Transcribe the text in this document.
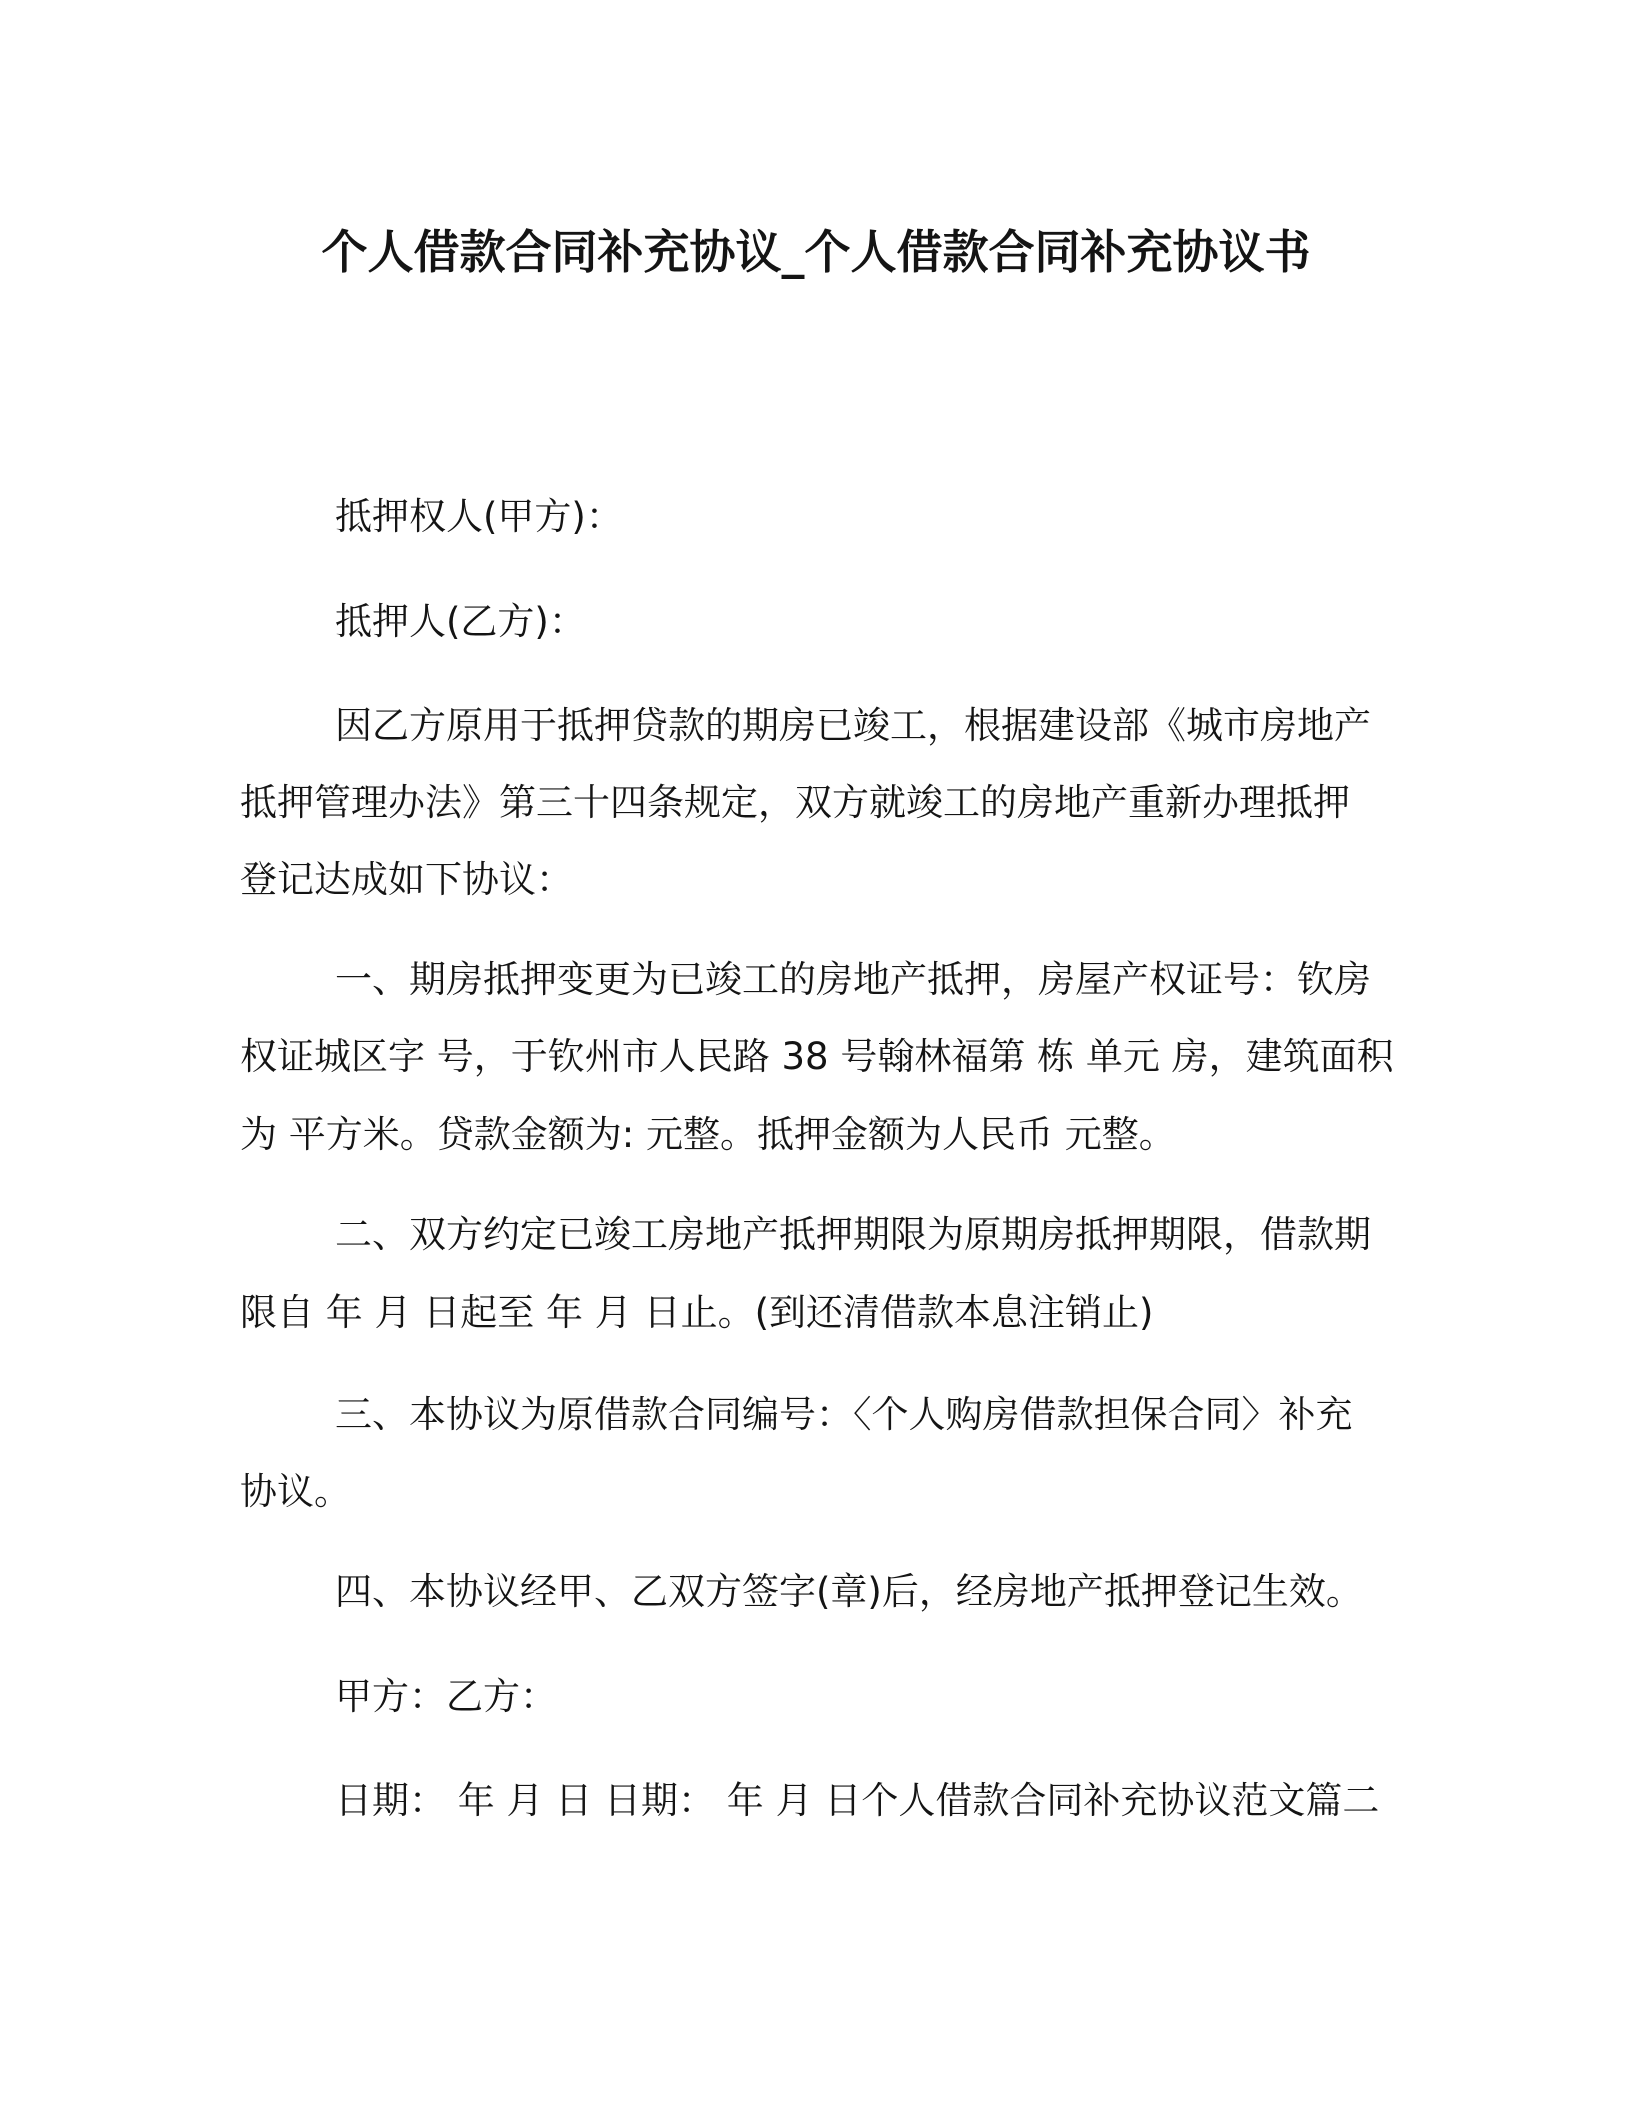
个人借款合同补充协议_个人借款合同补充协议书
抵押权人(甲方)：
抵押人(乙方)：
因乙方原用于抵押贷款的期房已竣工，根据建设部《城市房地产
抵押管理办法》第三十四条规定，双方就竣工的房地产重新办理抵押
登记达成如下协议：
一、期房抵押变更为已竣工的房地产抵押，房屋产权证号：钦房
权证城区字 号，于钦州市人民路 38 号翰林福第 栋 单元 房，建筑面积
为 平方米。贷款金额为: 元整。抵押金额为人民币 元整。
二、双方约定已竣工房地产抵押期限为原期房抵押期限，借款期
限自 年 月 日起至 年 月 日止。(到还清借款本息注销止)
三、本协议为原借款合同编号：〈个人购房借款担保合同〉补充
协议。
四、本协议经甲、乙双方签字(章)后，经房地产抵押登记生效。
甲方：乙方：
日期： 年 月 日 日期： 年 月 日个人借款合同补充协议范文篇二
